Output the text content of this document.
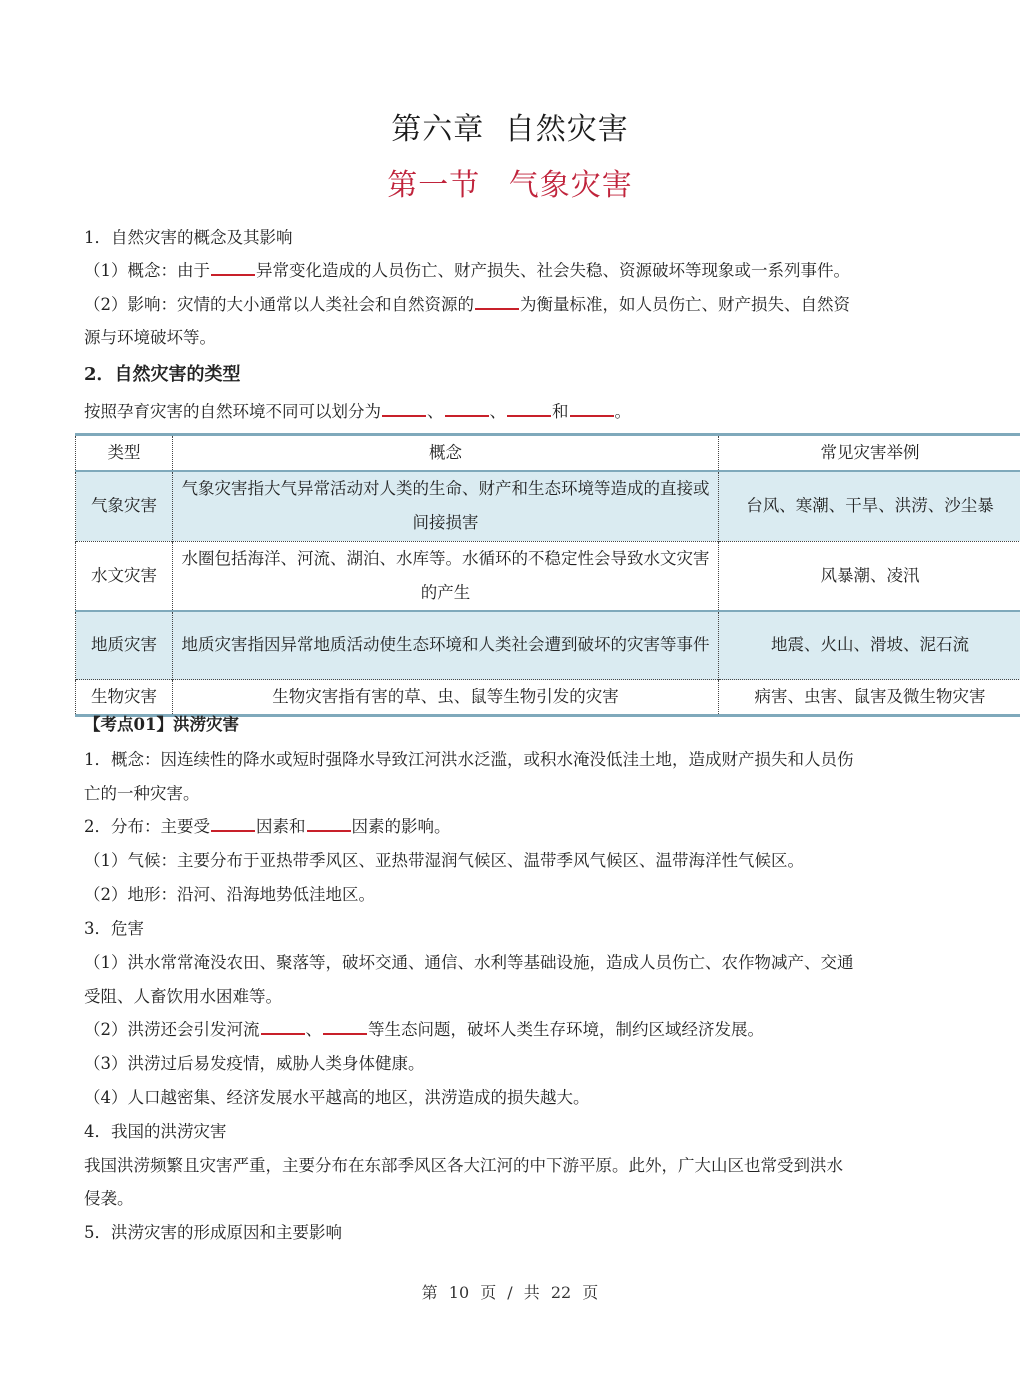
第六章 自然灾害
第一节 气象灾害
1．自然灾害的概念及其影响
（1）概念：由于	异常变化造成的人员伤亡、财产损失、社会失稳、资源破坏等现象或一系列事件。
（2）影响：灾情的大小通常以人类社会和自然资源的	为衡量标准，如人员伤亡、财产损失、自然资
源与环境破坏等。
2．自然灾害的类型
按照孕育灾害的自然环境不同可以划分为	、	、	和	。
类型	概念	常见灾害举例
气象灾害	气象灾害指大气异常活动对人类的生命、财产和生态环境等造成的直接或间接损害	台风、寒潮、干旱、洪涝、沙尘暴
水文灾害	水圈包括海洋、河流、湖泊、水库等。水循环的不稳定性会导致水文灾害的产生	风暴潮、凌汛
地质灾害	地质灾害指因异常地质活动使生态环境和人类社会遭到破坏的灾害等事件	地震、火山、滑坡、泥石流
生物灾害	生物灾害指有害的草、虫、鼠等生物引发的灾害	病害、虫害、鼠害及微生物灾害
【考点01】洪涝灾害
1．概念：因连续性的降水或短时强降水导致江河洪水泛滥，或积水淹没低洼土地，造成财产损失和人员伤
亡的一种灾害。
2．分布：主要受	因素和	因素的影响。
（1）气候：主要分布于亚热带季风区、亚热带湿润气候区、温带季风气候区、温带海洋性气候区。
（2）地形：沿河、沿海地势低洼地区。
3．危害
（1）洪水常常淹没农田、聚落等，破坏交通、通信、水利等基础设施，造成人员伤亡、农作物减产、交通
受阻、人畜饮用水困难等。
（2）洪涝还会引发河流	、	等生态问题，破坏人类生存环境，制约区域经济发展。
（3）洪涝过后易发疫情，威胁人类身体健康。
（4）人口越密集、经济发展水平越高的地区，洪涝造成的损失越大。
4．我国的洪涝灾害
我国洪涝频繁且灾害严重，主要分布在东部季风区各大江河的中下游平原。此外，广大山区也常受到洪水
侵袭。
5．洪涝灾害的形成原因和主要影响
第 10 页 / 共 22 页
